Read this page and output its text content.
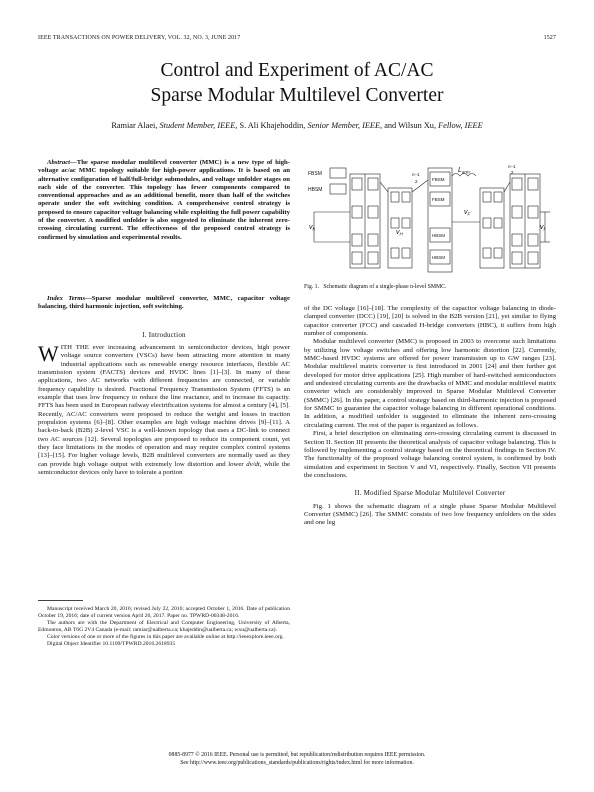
IEEE TRANSACTIONS ON POWER DELIVERY, VOL. 32, NO. 3, JUNE 2017	1527
Control and Experiment of AC/AC
Sparse Modular Multilevel Converter
Ramiar Alaei, Student Member, IEEE, S. Ali Khajehoddin, Senior Member, IEEE, and Wilsun Xu, Fellow, IEEE
Abstract—The sparse modular multilevel converter (MMC) is a new type of high-voltage ac/ac MMC topology suitable for high-power applications. It is based on an alternative configuration of half/full-bridge submodules, and voltage unfolder stages on each side of the converter. This topology has fewer components compared to conventional approaches and as an additional benefit, more than half of the switches operate under the soft switching condition. A comprehensive control strategy is proposed to ensure capacitor voltage balancing while exploiting the full power capability of the converter. A modified unfolder is also suggested to eliminate the inherent zero-crossing circulating current. The effectiveness of the proposed control strategy is confirmed by simulation and experimental results.
Index Terms—Sparse modular multilevel converter, MMC, capacitor voltage balancing, third harmonic injection, soft switching.
I. Introduction

WITH THE ever increasing advancement in semiconductor devices, high power voltage source converters (VSCs) have been attracting more attention in many industrial applications such as renewable energy resource interfaces, flexible AC transmission system (FACTS) devices and HVDC lines [1]–[3]. In many of these applications, two AC networks with different frequencies are connected, or variable frequency capability is desired. Fractional Frequency Transmission System (FFTS) is an example that uses low frequency to reduce the line reactance, and to increase its capacity. FFTS has been used in European railway electrification systems for almost a century [4], [5]. Recently, AC/AC converters were proposed to reduce the weight and losses in traction propulsion systems [6]–[8]. Other examples are high voltage machine drives [9]–[11]. A back-to-back (B2B) 2-level VSC is a well-known topology that uses a DC-link to connect two AC sources [12]. Several topologies are proposed to reduce its component count, yet they face limitations in the modes of operation and may require complex control systems [13]–[15]. For higher voltage levels, B2B multilevel converters are normally used as they can provide high voltage output with extremely low distortion and lower dv/dt, while the semiconductor devices only have to tolerate a portion

Manuscript received March 20, 2016; revised July 22, 2016; accepted October 1, 2016. Date of publication October 19, 2016; date of current version April 26, 2017. Paper no. TPWRD-00348-2016.

The authors are with the Department of Electrical and Computer Engineering, University of Alberta, Edmonton, AB T6G 2V4 Canada (e-mail: ramiar@ualberta.ca; khajeddin@ualberta.ca; wxu@ualberta.ca).

Color versions of one or more of the figures in this paper are available online at http://ieeexplore.ieee.org.

Digital Object Identifier 10.1109/TPWRD.2016.2618935

FBSM
HBSM
$v_h$	$v_H$
n−1
2	FBSM
FBSM
HBSM
HBSM
$L_{arm}$
n−1
2
$v_F$
$v_f$
Fig. 1. Schematic diagram of a single-phase n-level SMMC.

of the DC voltage [16]–[18]. The complexity of the capacitor voltage balancing in diode-clamped converter (DCC) [19], [20] is solved in the B2B version [21], yet similar to flying capacitor converter (FCC) and cascaded H-bridge converters (HBC), it suffers from high number of components.

Modular multilevel converter (MMC) is proposed in 2003 to overcome such limitations by utilizing low voltage switches and offering low harmonic distortion [22]. Currently, MMC-based HVDC systems are offered for power transmission up to GW ranges [23]. Modular multilevel matrix converter is first introduced in 2001 [24] and then further got developed for motor drive applications [25]. High number of hard-switched semiconductors and undesired circulating currents are the drawbacks of MMC and modular multilevel matrix converter which are considerably improved in Sparse Modular Multilevel Converter (SMMC) [26]. In this paper, a control strategy based on third-harmonic injection is proposed for SMMC to guarantee the capacitor voltage balancing in different operational conditions. In addition, a modified unfolder is suggested to eliminate the inherent zero-crossing circulating current. The rest of the paper is organized as follows.

First, a brief description on eliminating zero-crossing circulating current is discussed in Section II. Section III presents the theoretical analysis of capacitor voltage balancing. This is followed by implementing a control strategy based on the theoretical findings in Section IV. The functionality of the proposed voltage balancing control system, is confirmed by both simulation and experiment in Section V and VI, respectively. Finally, Section VII presents the conclusions.

II. Modified Sparse Modular Multilevel Converter

Fig. 1 shows the schematic diagram of a single phase Sparse Modular Multilevel Converter (SMMC) [26]. The SMMC consists of two low frequency unfolders on the sides and one leg

0885-8977 © 2016 IEEE. Personal use is permitted, but republication/redistribution requires IEEE permission.
See http://www.ieee.org/publications_standards/publications/rights/index.html for more information.
